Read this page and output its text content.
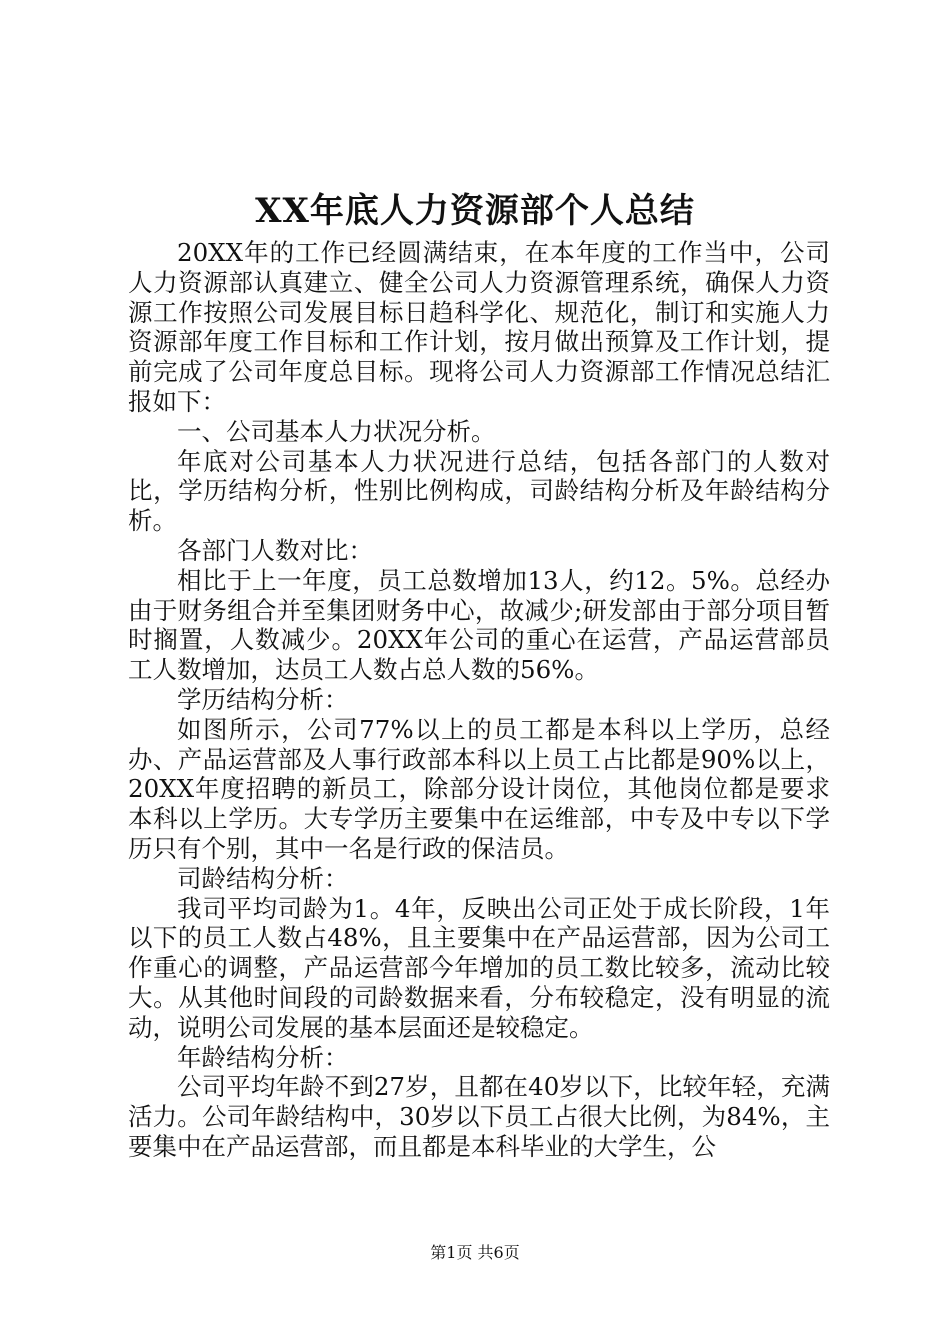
XX年底人力资源部个人总结

20XX年的工作已经圆满结束，在本年度的工作当中，公司人力资源部认真建立、健全公司人力资源管理系统，确保人力资源工作按照公司发展目标日趋科学化、规范化，制订和实施人力资源部年度工作目标和工作计划，按月做出预算及工作计划，提前完成了公司年度总目标。现将公司人力资源部工作情况总结汇报如下：

一、公司基本人力状况分析。

年底对公司基本人力状况进行总结，包括各部门的人数对比，学历结构分析，性别比例构成，司龄结构分析及年龄结构分析。

各部门人数对比：

相比于上一年度，员工总数增加13人，约12。5%。总经办由于财务组合并至集团财务中心，故减少;研发部由于部分项目暂时搁置，人数减少。20XX年公司的重心在运营，产品运营部员工人数增加，达员工人数占总人数的56%。

学历结构分析：

如图所示，公司77%以上的员工都是本科以上学历，总经办、产品运营部及人事行政部本科以上员工占比都是90%以上，20XX年度招聘的新员工，除部分设计岗位，其他岗位都是要求本科以上学历。大专学历主要集中在运维部，中专及中专以下学历只有个别，其中一名是行政的保洁员。

司龄结构分析：

我司平均司龄为1。4年，反映出公司正处于成长阶段，1年以下的员工人数占48%，且主要集中在产品运营部，因为公司工作重心的调整，产品运营部今年增加的员工数比较多，流动比较大。从其他时间段的司龄数据来看，分布较稳定，没有明显的流动，说明公司发展的基本层面还是较稳定。

年龄结构分析：

公司平均年龄不到27岁，且都在40岁以下，比较年轻，充满活力。公司年龄结构中，30岁以下员工占很大比例，为84%，主要集中在产品运营部，而且都是本科毕业的大学生，公

第1页 共6页
